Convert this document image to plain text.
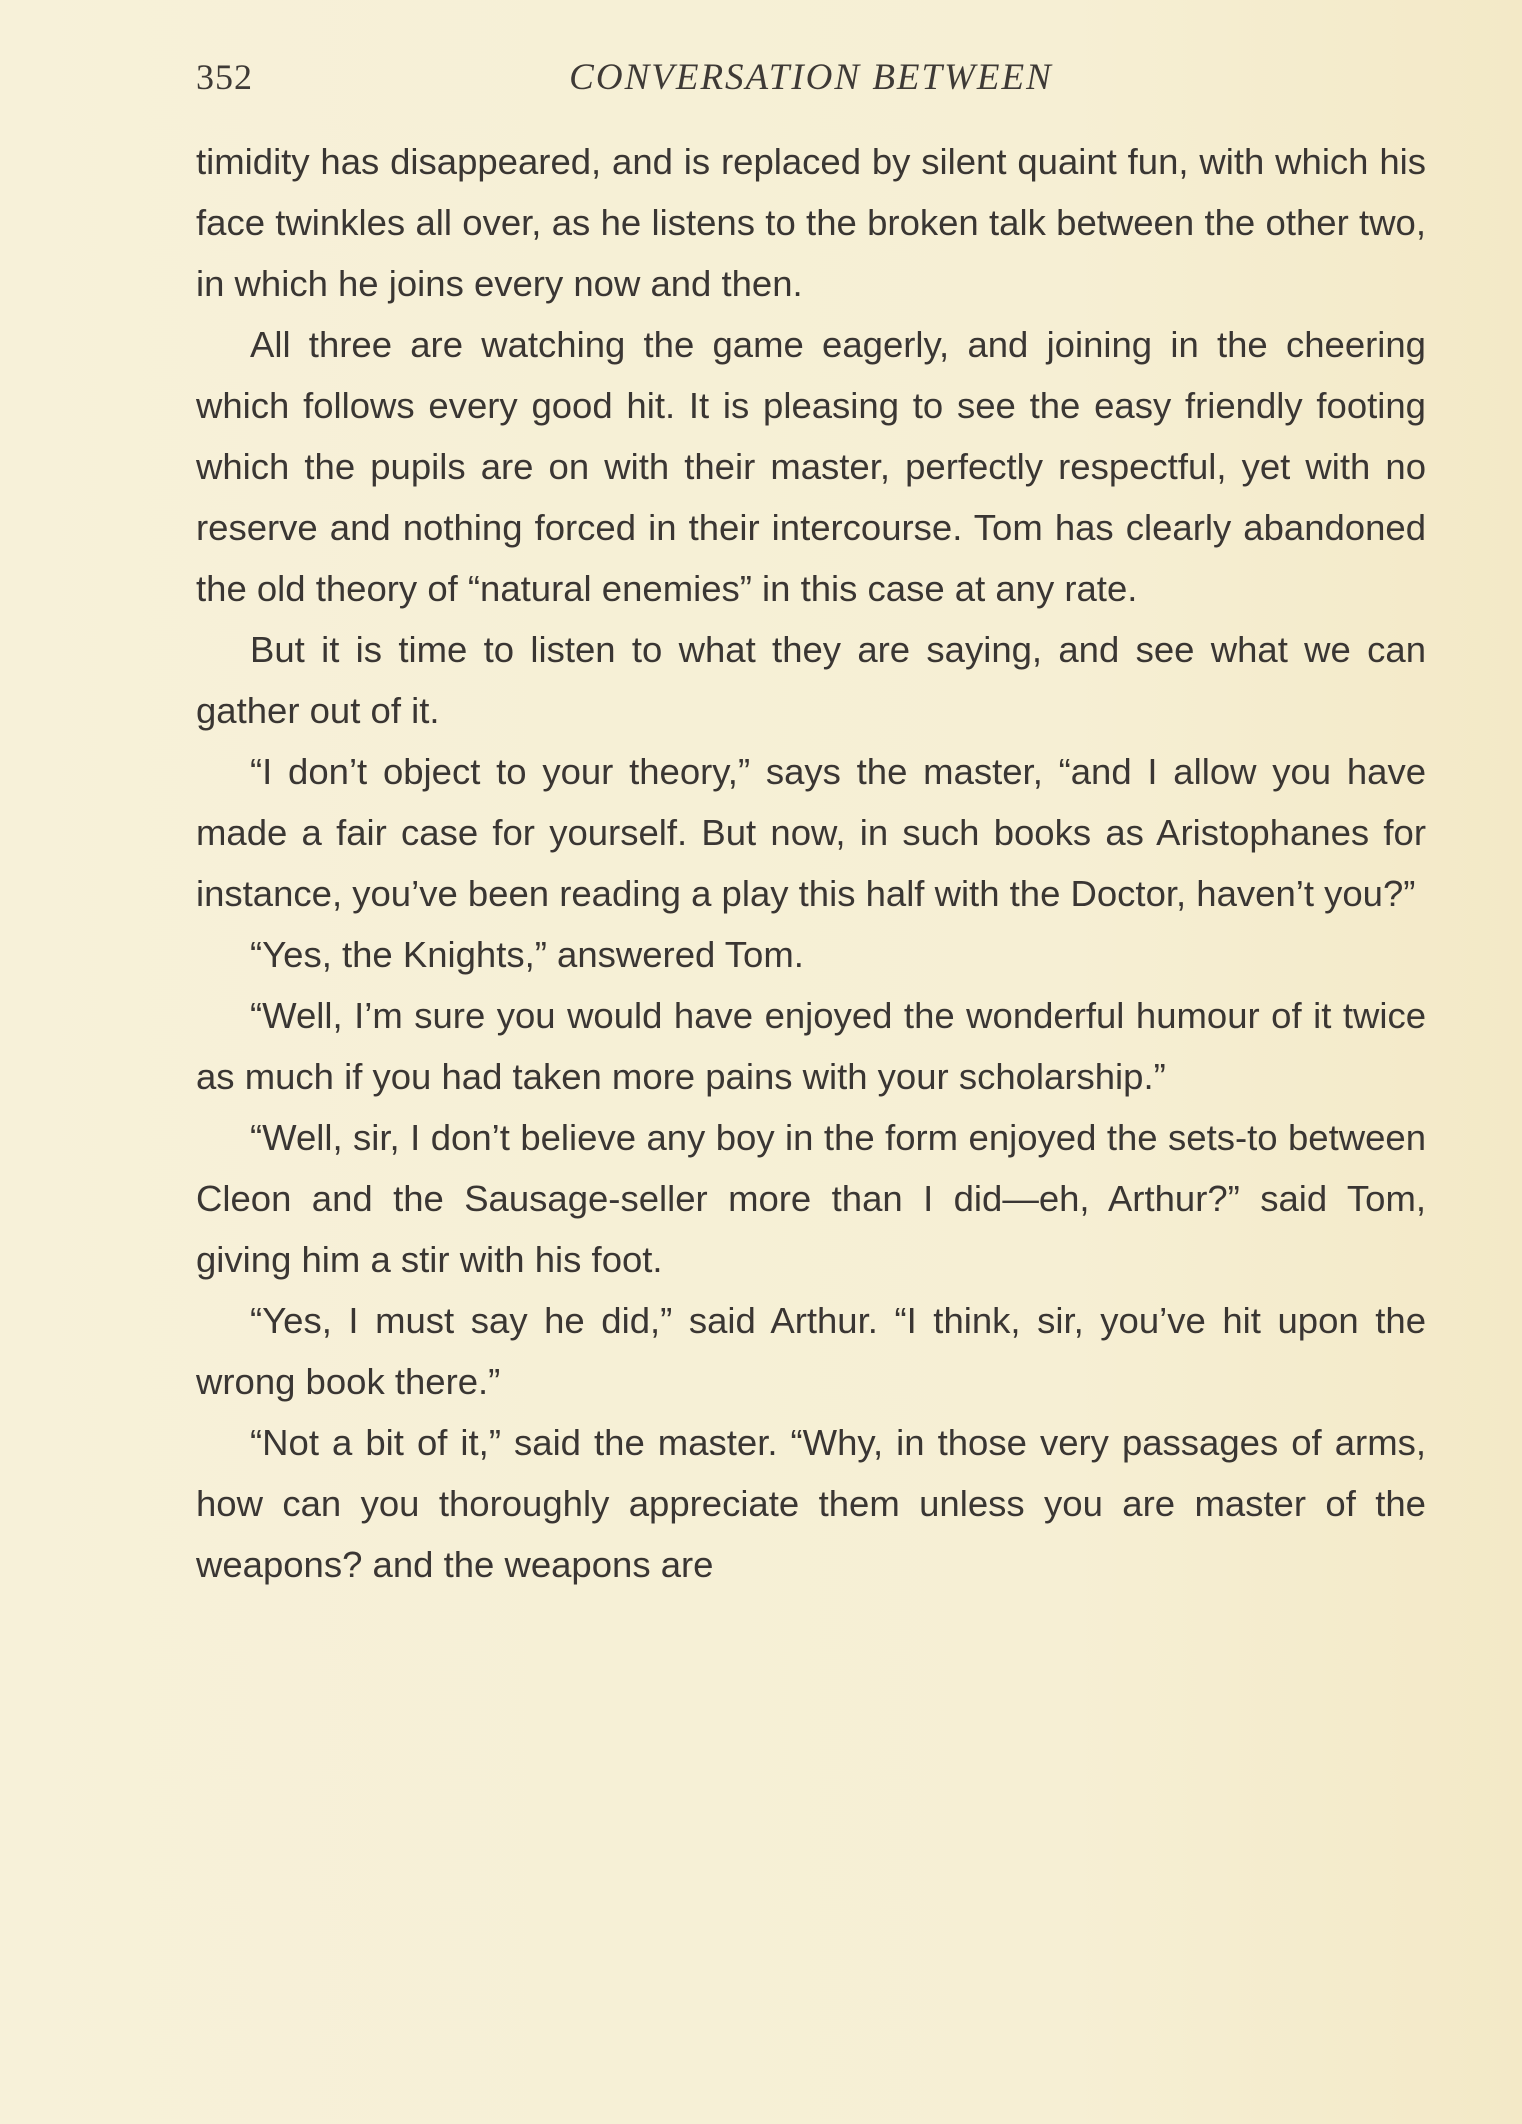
352	CONVERSATION BETWEEN

timidity has disappeared, and is replaced by silent quaint fun, with which his face twinkles all over, as he listens to the broken talk between the other two, in which he joins every now and then.

All three are watching the game eagerly, and joining in the cheering which follows every good hit. It is pleasing to see the easy friendly footing which the pupils are on with their master, perfectly respectful, yet with no reserve and nothing forced in their intercourse. Tom has clearly abandoned the old theory of “natural enemies” in this case at any rate.

But it is time to listen to what they are saying, and see what we can gather out of it.

“I don’t object to your theory,” says the master, “and I allow you have made a fair case for yourself. But now, in such books as Aristophanes for instance, you’ve been reading a play this half with the Doctor, haven’t you?”

“Yes, the Knights,” answered Tom.

“Well, I’m sure you would have enjoyed the wonderful humour of it twice as much if you had taken more pains with your scholarship.”

“Well, sir, I don’t believe any boy in the form enjoyed the sets-to between Cleon and the Sausage-seller more than I did—eh, Arthur?” said Tom, giving him a stir with his foot.

“Yes, I must say he did,” said Arthur. “I think, sir, you’ve hit upon the wrong book there.”

“Not a bit of it,” said the master. “Why, in those very passages of arms, how can you thoroughly appreciate them unless you are master of the weapons? and the weapons are
